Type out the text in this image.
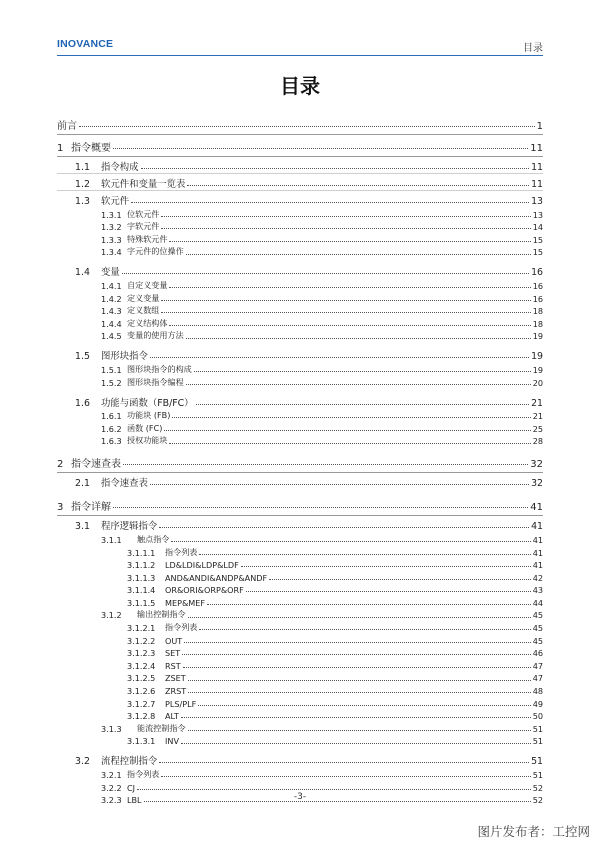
INOVANCE	目录
目录
前言	1
1 指令概要	11
1.1	指令构成	11
1.2	软元件和变量一览表	11
1.3	软元件	13
1.3.1 位软元件	13
1.3.2 字软元件	14
1.3.3 特殊软元件	15
1.3.4 字元件的位操作	15
1.4	变量	16
1.4.1 自定义变量	16
1.4.2 定义变量	16
1.4.3 定义数组	18
1.4.4 定义结构体	18
1.4.5 变量的使用方法	19
1.5	图形块指令	19
1.5.1 图形块指令的构成	19
1.5.2 图形块指令编程	20
1.6	功能与函数（FB/FC）	21
1.6.1 功能块 (FB)	21
1.6.2 函数 (FC)	25
1.6.3 授权功能块	28
2 指令速查表	32
2.1	指令速查表	32
3 指令详解	41
3.1	程序逻辑指令	41
3.1.1	触点指令	41
3.1.1.1	指令列表	41
3.1.1.2	LD&LDI&LDP&LDF	41
3.1.1.3	AND&ANDI&ANDP&ANDF	42
3.1.1.4	OR&ORI&ORP&ORF	43
3.1.1.5	MEP&MEF	44
3.1.2	输出控制指令	45
3.1.2.1	指令列表	45
3.1.2.2	OUT	45
3.1.2.3	SET	46
3.1.2.4	RST	47
3.1.2.5	ZSET	47
3.1.2.6	ZRST	48
3.1.2.7	PLS/PLF	49
3.1.2.8	ALT	50
3.1.3	能流控制指令	51
3.1.3.1	INV	51
3.2	流程控制指令	51
3.2.1 指令列表	51
3.2.2 CJ	52
3.2.3 LBL	52
-3-
图片发布者：工控网
